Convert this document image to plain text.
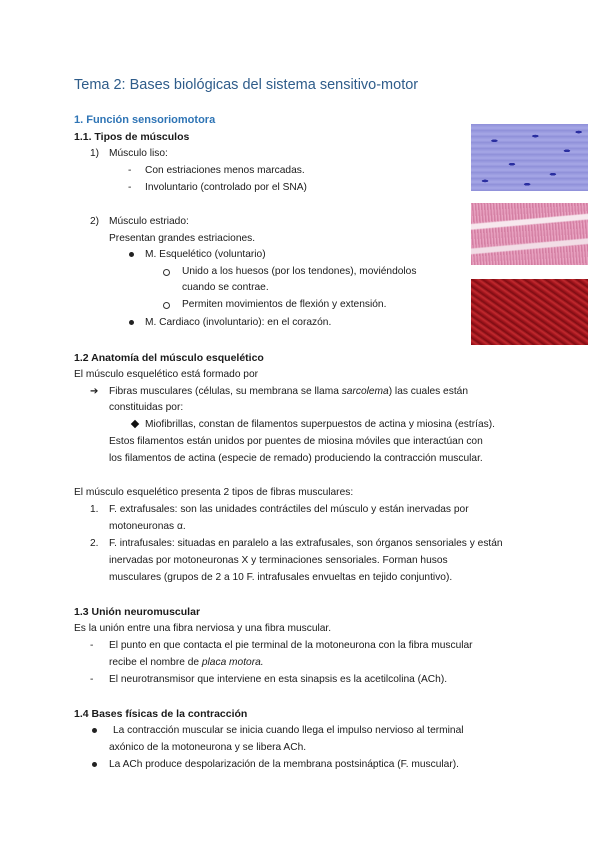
Tema 2: Bases biológicas del sistema sensitivo-motor
1. Función sensoriomotora
1.1. Tipos de músculos
1) Músculo liso:
- Con estriaciones menos marcadas.
- Involuntario (controlado por el SNA)
2) Músculo estriado:
Presentan grandes estriaciones.
M. Esquelético (voluntario)
Unido a los huesos (por los tendones), moviéndolos
cuando se contrae.
Permiten movimientos de flexión y extensión.
M. Cardiaco (involuntario): en el corazón.
1.2 Anatomía del músculo esquelético
El músculo esquelético está formado por
➔ Fibras musculares (células, su membrana se llama sarcolema) las cuales están
constituidas por:
Miofibrillas, constan de filamentos superpuestos de actina y miosina (estrías).
Estos filamentos están unidos por puentes de miosina móviles que interactúan con
los filamentos de actina (especie de remado) produciendo la contracción muscular.
El músculo esquelético presenta 2 tipos de fibras musculares:
1. F. extrafusales: son las unidades contráctiles del músculo y están inervadas por
motoneuronas α.
2. F. intrafusales: situadas en paralelo a las extrafusales, son órganos sensoriales y están
inervadas por motoneuronas X y terminaciones sensoriales. Forman husos
musculares (grupos de 2 a 10 F. intrafusales envueltas en tejido conjuntivo).
1.3 Unión neuromuscular
Es la unión entre una fibra nerviosa y una fibra muscular.
- El punto en que contacta el pie terminal de la motoneurona con la fibra muscular
recibe el nombre de placa motora.
- El neurotransmisor que interviene en esta sinapsis es la acetilcolina (ACh).
1.4 Bases físicas de la contracción
La contracción muscular se inicia cuando llega el impulso nervioso al terminal
axónico de la motoneurona y se libera ACh.
La ACh produce despolarización de la membrana postsináptica (F. muscular).
